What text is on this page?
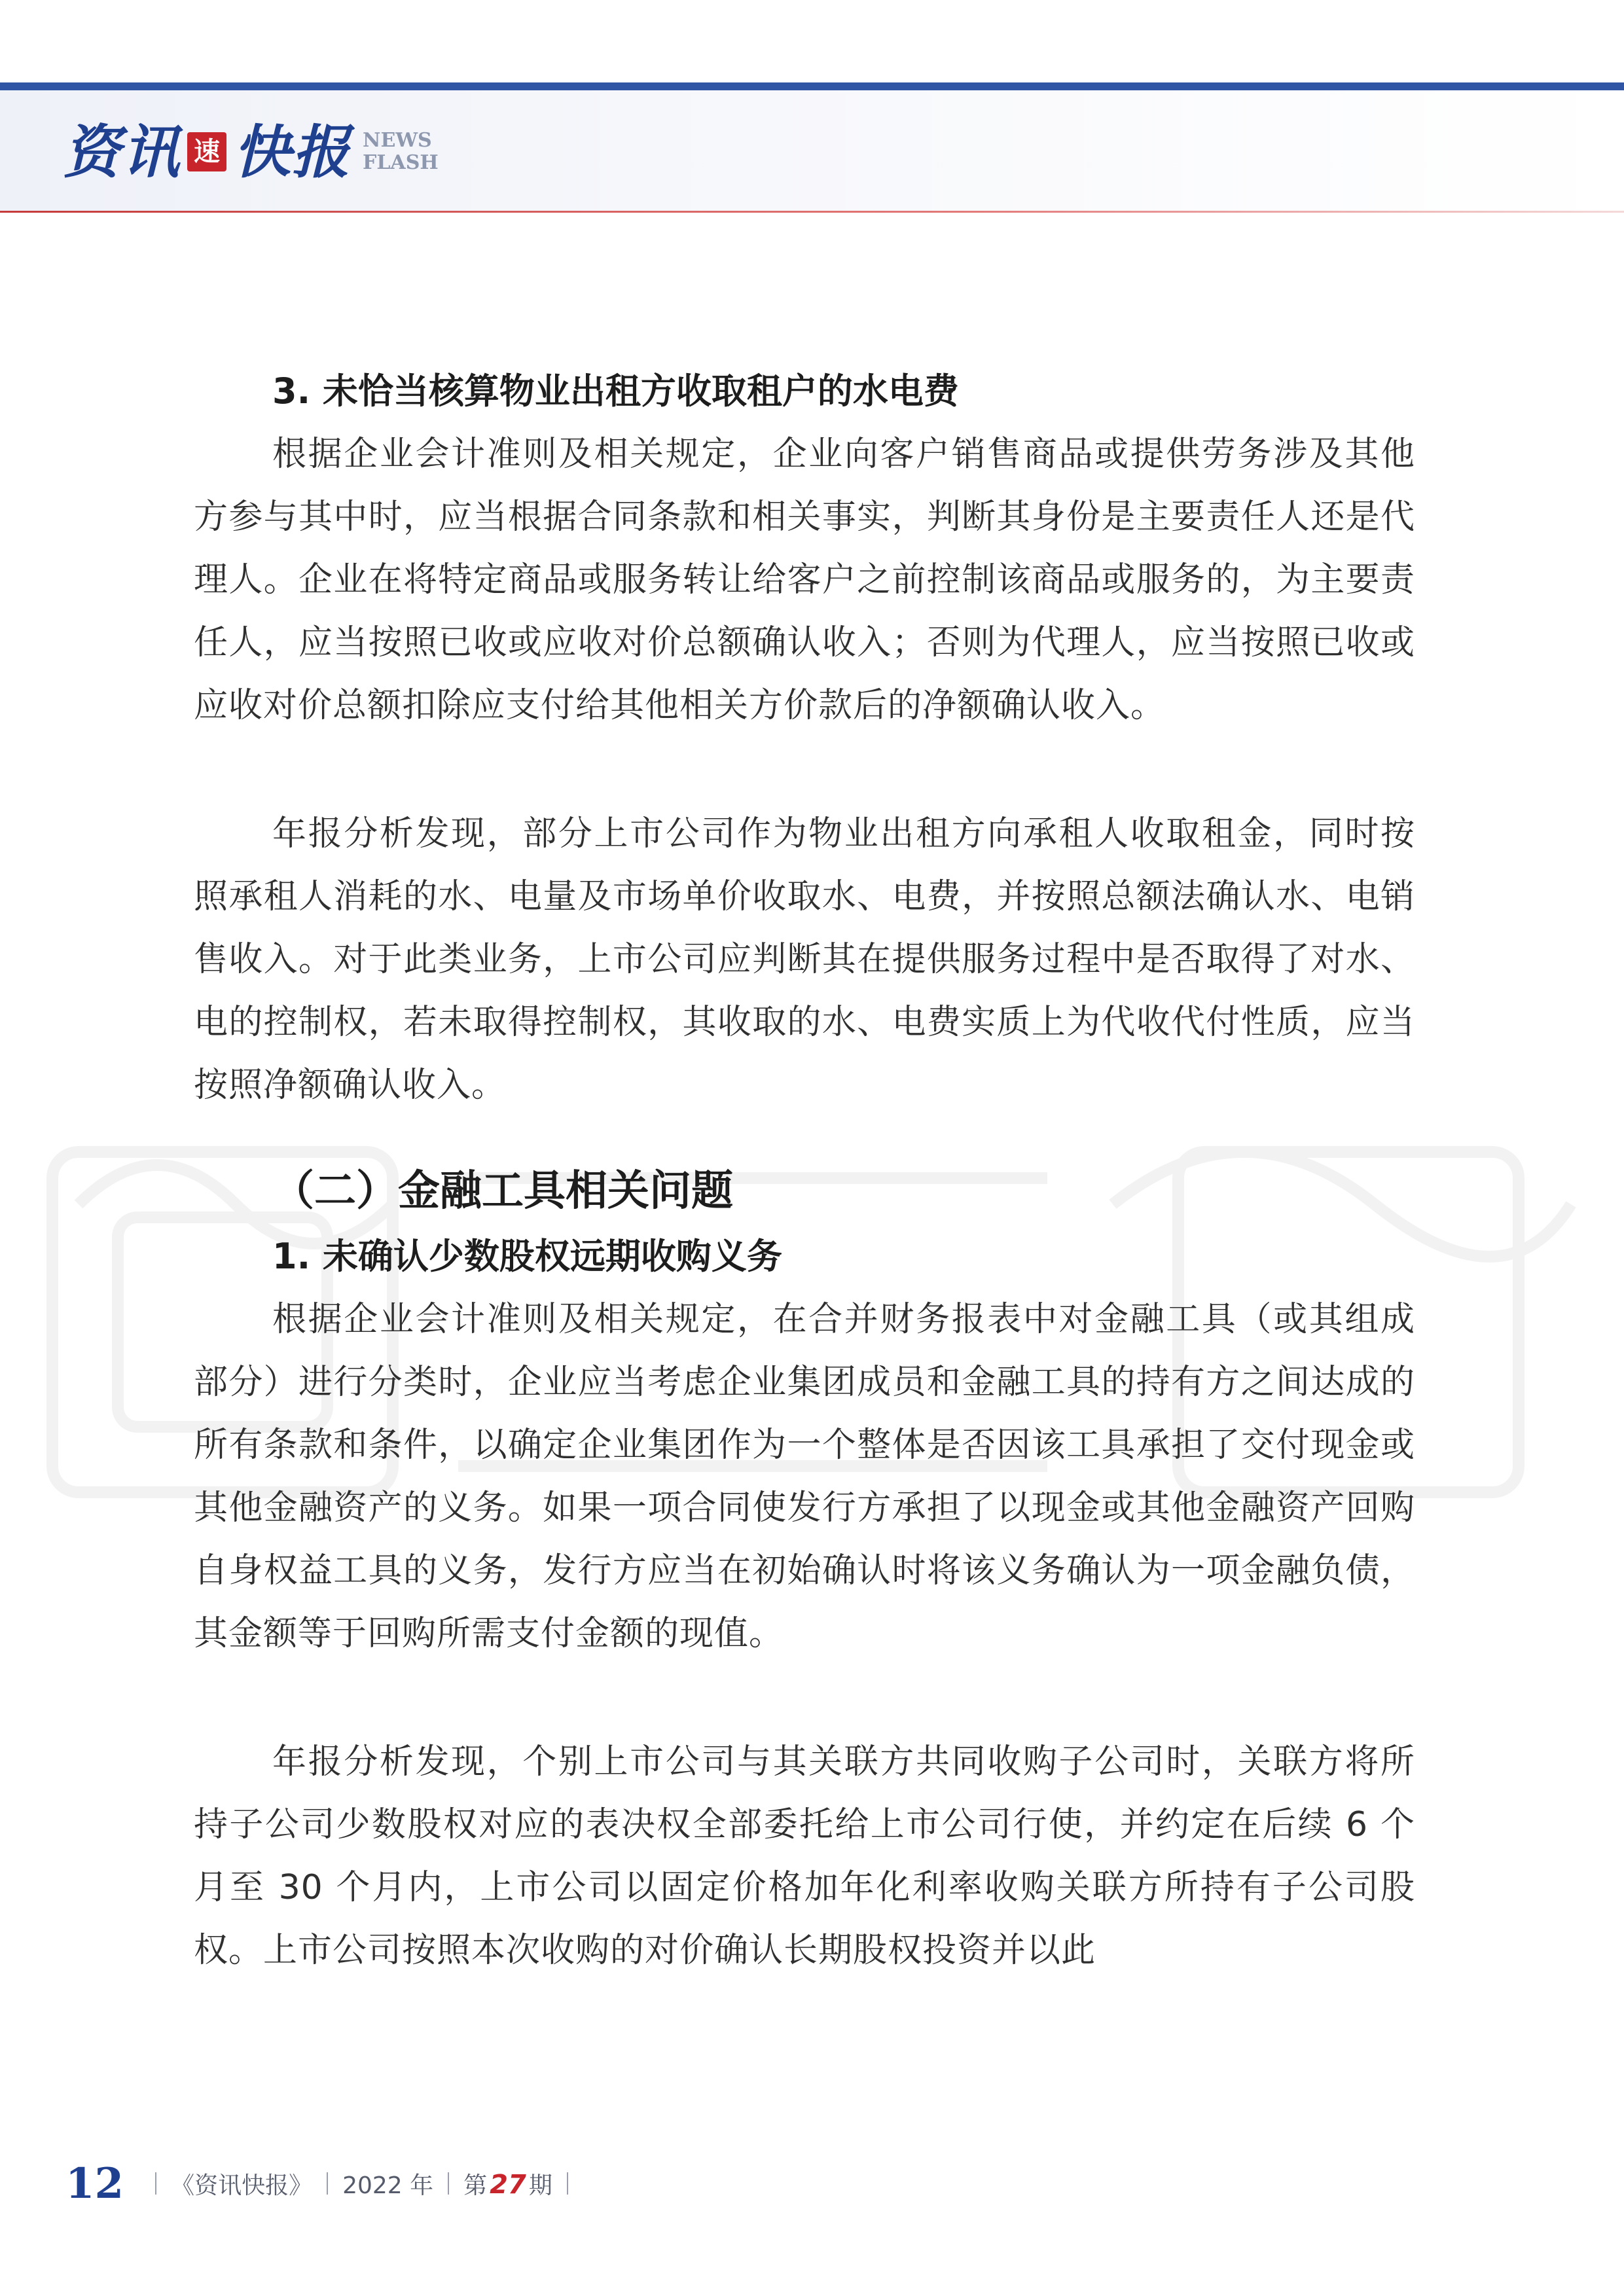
资讯 速 快报 NEWS
FLASH

3. 未恰当核算物业出租方收取租户的水电费

根据企业会计准则及相关规定，企业向客户销售商品或提供劳务涉及其他方参与其中时，应当根据合同条款和相关事实，判断其身份是主要责任人还是代理人。企业在将特定商品或服务转让给客户之前控制该商品或服务的，为主要责任人，应当按照已收或应收对价总额确认收入；否则为代理人，应当按照已收或应收对价总额扣除应支付给其他相关方价款后的净额确认收入。

年报分析发现，部分上市公司作为物业出租方向承租人收取租金，同时按照承租人消耗的水、电量及市场单价收取水、电费，并按照总额法确认水、电销售收入。对于此类业务，上市公司应判断其在提供服务过程中是否取得了对水、电的控制权，若未取得控制权，其收取的水、电费实质上为代收代付性质，应当按照净额确认收入。

（二）金融工具相关问题

1. 未确认少数股权远期收购义务

根据企业会计准则及相关规定，在合并财务报表中对金融工具（或其组成部分）进行分类时，企业应当考虑企业集团成员和金融工具的持有方之间达成的所有条款和条件，以确定企业集团作为一个整体是否因该工具承担了交付现金或其他金融资产的义务。如果一项合同使发行方承担了以现金或其他金融资产回购自身权益工具的义务，发行方应当在初始确认时将该义务确认为一项金融负债，其金额等于回购所需支付金额的现值。

年报分析发现，个别上市公司与其关联方共同收购子公司时，关联方将所持子公司少数股权对应的表决权全部委托给上市公司行使，并约定在后续 6 个月至 30 个月内，上市公司以固定价格加年化利率收购关联方所持有子公司股权。上市公司按照本次收购的对价确认长期股权投资并以此

12 《资讯快报》 2022 年 第 27 期
